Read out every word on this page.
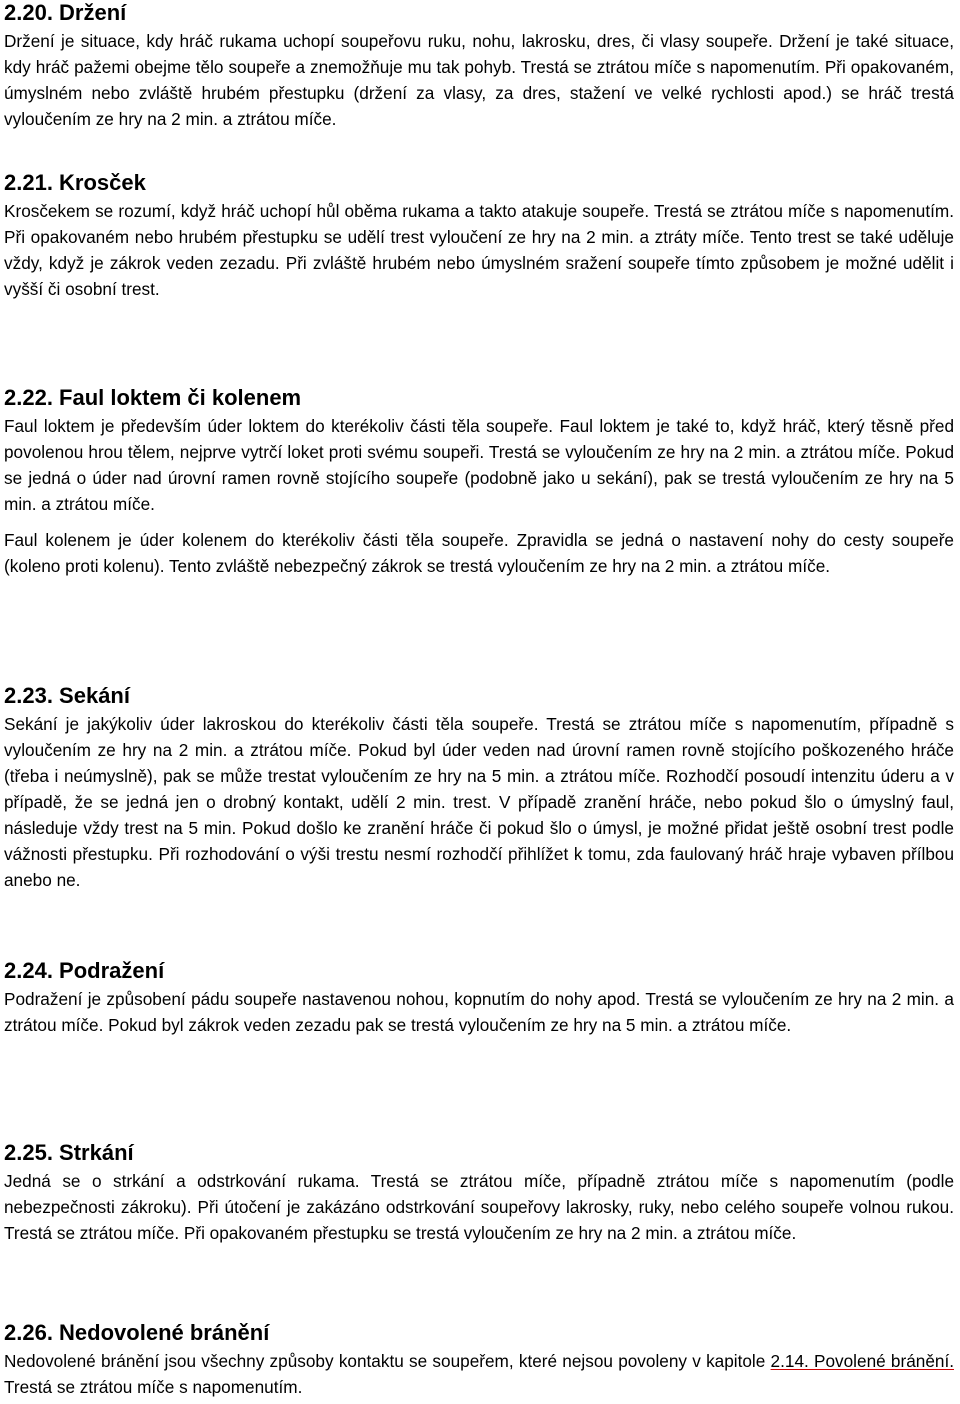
2.20. Držení

Držení je situace, kdy hráč rukama uchopí soupeřovu ruku, nohu, lakrosku, dres, či vlasy soupeře. Držení je také situace, kdy hráč pažemi obejme tělo soupeře a znemožňuje mu tak pohyb. Trestá se ztrátou míče s napomenutím. Při opakovaném, úmyslném nebo zvláště hrubém přestupku (držení za vlasy, za dres, stažení ve velké rychlosti apod.) se hráč trestá vyloučením ze hry na 2 min. a ztrátou míče.

2.21. Krosček

Krosčekem se rozumí, když hráč uchopí hůl oběma rukama a takto atakuje soupeře. Trestá se ztrátou míče s napomenutím. Při opakovaném nebo hrubém přestupku se udělí trest vyloučení ze hry na 2 min. a ztráty míče. Tento trest se také uděluje vždy, když je zákrok veden zezadu. Při zvláště hrubém nebo úmyslném sražení soupeře tímto způsobem je možné udělit i vyšší či osobní trest.

2.22. Faul loktem či kolenem

Faul loktem je především úder loktem do kterékoliv části těla soupeře. Faul loktem je také to, když hráč, který těsně před povolenou hrou tělem, nejprve vytrčí loket proti svému soupeři. Trestá se vyloučením ze hry na 2 min. a ztrátou míče. Pokud se jedná o úder nad úrovní ramen rovně stojícího soupeře (podobně jako u sekání), pak se trestá vyloučením ze hry na 5 min. a ztrátou míče.

Faul kolenem je úder kolenem do kterékoliv části těla soupeře. Zpravidla se jedná o nastavení nohy do cesty soupeře (koleno proti kolenu). Tento zvláště nebezpečný zákrok se trestá vyloučením ze hry na 2 min. a ztrátou míče.

2.23. Sekání

Sekání je jakýkoliv úder lakroskou do kterékoliv části těla soupeře. Trestá se ztrátou míče s napomenutím, případně s vyloučením ze hry na 2 min. a ztrátou míče. Pokud byl úder veden nad úrovní ramen rovně stojícího poškozeného hráče (třeba i neúmyslně), pak se může trestat vyloučením ze hry na 5 min. a ztrátou míče. Rozhodčí posoudí intenzitu úderu a v případě, že se jedná jen o drobný kontakt, udělí 2 min. trest. V případě zranění hráče, nebo pokud šlo o úmyslný faul, následuje vždy trest na 5 min. Pokud došlo ke zranění hráče či pokud šlo o úmysl, je možné přidat ještě osobní trest podle vážnosti přestupku. Při rozhodování o výši trestu nesmí rozhodčí přihlížet k tomu, zda faulovaný hráč hraje vybaven přílbou anebo ne.

2.24. Podražení

Podražení je způsobení pádu soupeře nastavenou nohou, kopnutím do nohy apod. Trestá se vyloučením ze hry na 2 min. a ztrátou míče. Pokud byl zákrok veden zezadu pak se trestá vyloučením ze hry na 5 min. a ztrátou míče.

2.25. Strkání

Jedná se o strkání a odstrkování rukama. Trestá se ztrátou míče, případně ztrátou míče s napomenutím (podle nebezpečnosti zákroku). Při útočení je zakázáno odstrkování soupeřovy lakrosky, ruky, nebo celého soupeře volnou rukou. Trestá se ztrátou míče. Při opakovaném přestupku se trestá vyloučením ze hry na 2 min. a ztrátou míče.

2.26. Nedovolené bránění

Nedovolené bránění jsou všechny způsoby kontaktu se soupeřem, které nejsou povoleny v kapitole 2.14. Povolené bránění. Trestá se ztrátou míče s napomenutím.
